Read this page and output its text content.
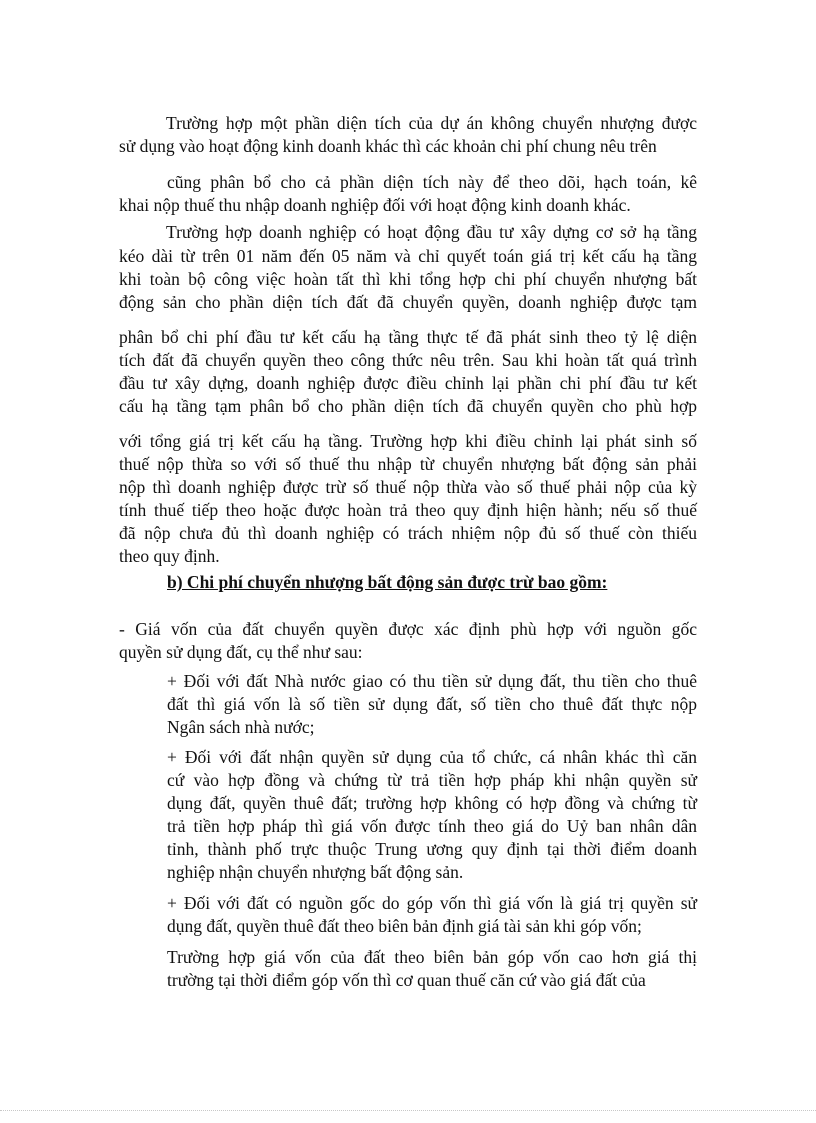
Trường hợp một phần diện tích của dự án không chuyển nhượng được
sử dụng vào hoạt động kinh doanh khác thì các khoản chi phí chung nêu trên
cũng phân bổ cho cả phần diện tích này để theo dõi, hạch toán, kê
khai nộp thuế thu nhập doanh nghiệp đối với hoạt động kinh doanh khác.
Trường hợp doanh nghiệp có hoạt động đầu tư xây dựng cơ sở hạ tầng
kéo dài từ trên 01 năm đến 05 năm và chỉ quyết toán giá trị kết cấu hạ tầng
khi toàn bộ công việc hoàn tất thì khi tổng hợp chi phí chuyển nhượng bất
động sản cho phần diện tích đất đã chuyển quyền, doanh nghiệp được tạm
phân bổ chi phí đầu tư kết cấu hạ tầng thực tế đã phát sinh theo tỷ lệ diện
tích đất đã chuyển quyền theo công thức nêu trên. Sau khi hoàn tất quá trình
đầu tư xây dựng, doanh nghiệp được điều chỉnh lại phần chi phí đầu tư kết
cấu hạ tầng tạm phân bổ cho phần diện tích đã chuyển quyền cho phù hợp
với tổng giá trị kết cấu hạ tầng. Trường hợp khi điều chỉnh lại phát sinh số
thuế nộp thừa so với số thuế thu nhập từ chuyển nhượng bất động sản phải
nộp thì doanh nghiệp được trừ số thuế nộp thừa vào số thuế phải nộp của kỳ
tính thuế tiếp theo hoặc được hoàn trả theo quy định hiện hành; nếu số thuế
đã nộp chưa đủ thì doanh nghiệp có trách nhiệm nộp đủ số thuế còn thiếu
theo quy định.
b) Chi phí chuyển nhượng bất động sản được trừ bao gồm:
- Giá vốn của đất chuyển quyền được xác định phù hợp với nguồn gốc
quyền sử dụng đất, cụ thể như sau:
+ Đối với đất Nhà nước giao có thu tiền sử dụng đất, thu tiền cho thuê
đất thì giá vốn là số tiền sử dụng đất, số tiền cho thuê đất thực nộp
Ngân sách nhà nước;
+ Đối với đất nhận quyền sử dụng của tổ chức, cá nhân khác thì căn
cứ vào hợp đồng và chứng từ trả tiền hợp pháp khi nhận quyền sử
dụng đất, quyền thuê đất; trường hợp không có hợp đồng và chứng từ
trả tiền hợp pháp thì giá vốn được tính theo giá do Uỷ ban nhân dân
tỉnh, thành phố trực thuộc Trung ương quy định tại thời điểm doanh
nghiệp nhận chuyển nhượng bất động sản.
+ Đối với đất có nguồn gốc do góp vốn thì giá vốn là giá trị quyền sử
dụng đất, quyền thuê đất theo biên bản định giá tài sản khi góp vốn;
Trường hợp giá vốn của đất theo biên bản góp vốn cao hơn giá thị
trường tại thời điểm góp vốn thì cơ quan thuế căn cứ vào giá đất của
